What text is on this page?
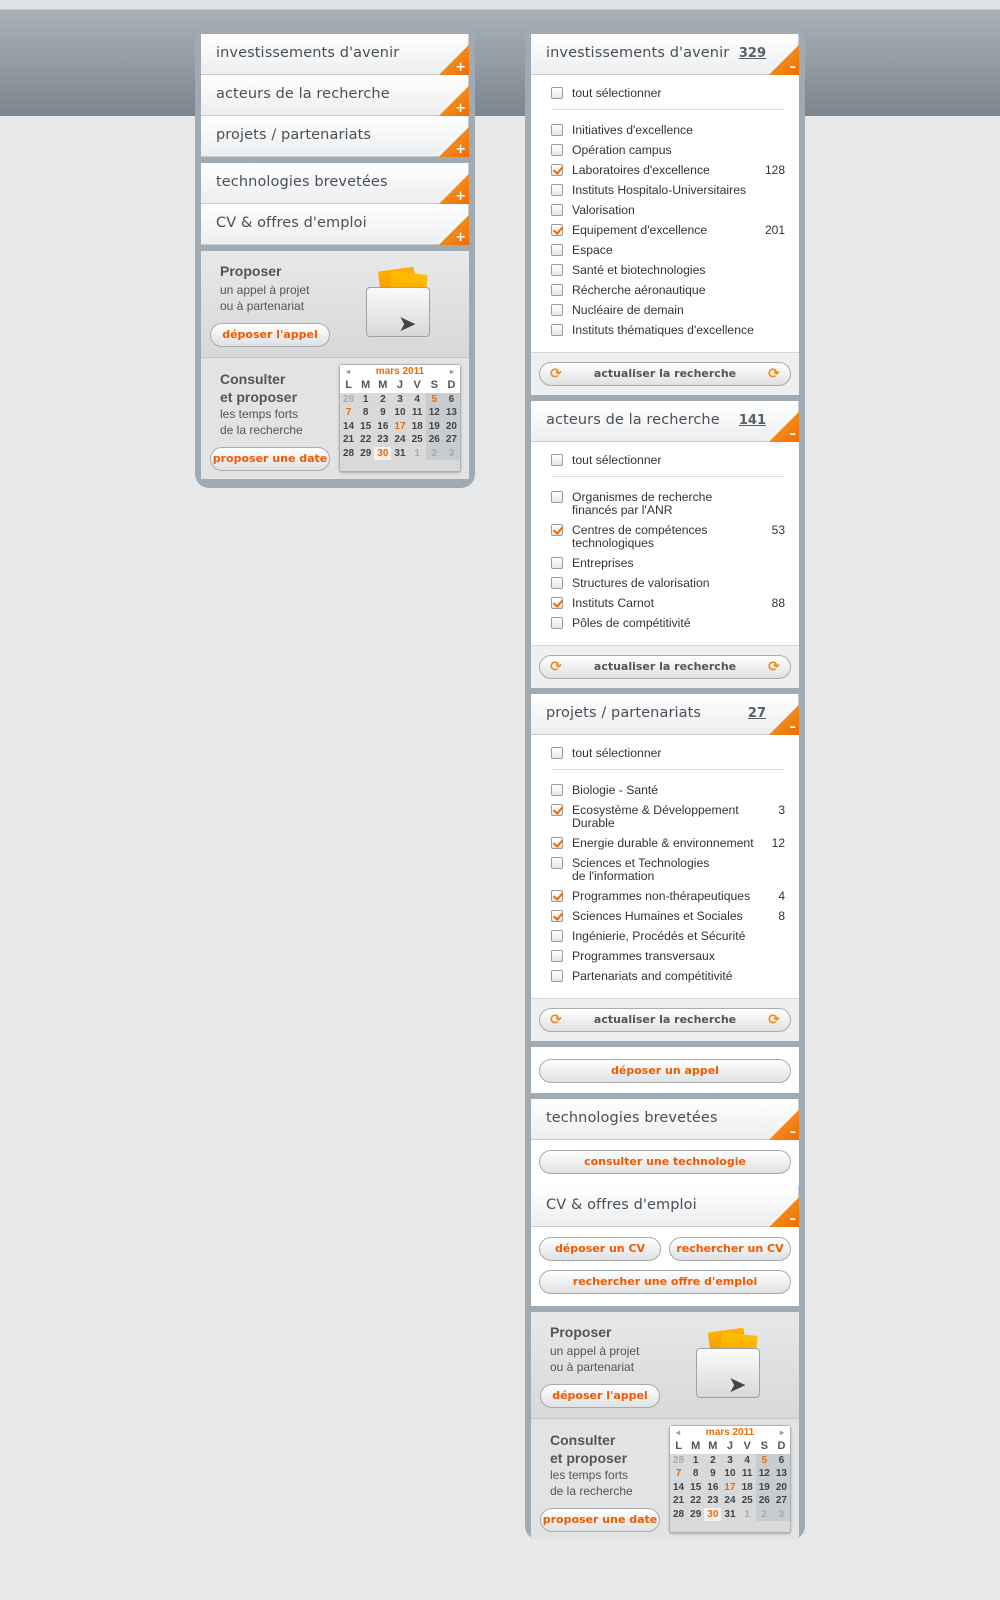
investissements d'avenir
+
acteurs de la recherche
+
projets / partenariats
+
technologies brevetées
+
CV & offres d'emploi
+
Proposer
un appel à projet
ou à partenariat
déposer l'appel	➤
Consulter
et proposer
les temps forts
de la recherche
proposer une date
◂	mars 2011	▸
L	M	M	J	V	S	D
28	1	2	3	4	5	6
7	8	9	10	11	12	13
14	15	16	17	18	19	20
21	22	23	24	25	26	27
28	29	30	31	1	2	3
investissements d'avenir 329
–
tout sélectionner
Initiatives d'excellence
Opération campus
Laboratoires d'excellence	128
Instituts Hospitalo-Universitaires
Valorisation
Equipement d'excellence	201
Espace
Santé et biotechnologies
Récherche aéronautique
Nucléaire de demain
Instituts thématiques d'excellence
⟳	actualiser la recherche ⟳
acteurs de la recherche 141
–
tout sélectionner
Organismes de recherche
financés par l'ANR
Centres de compétences
technologiques
53
Entreprises
Structures de valorisation
Instituts Carnot	88
Pôles de compétitivité
⟳	actualiser la recherche ⟳
projets / partenariats	27
–
tout sélectionner
Biologie - Santé
Ecosystème & Développement
Durable
3
Energie durable & environnement 12
Sciences et Technologies
de l'information
Programmes non-thérapeutiques 4
Sciences Humaines et Sociales	8
Ingénierie, Procédés et Sécurité
Programmes transversaux
Partenariats and compétitivité
⟳	actualiser la recherche ⟳
déposer un appel
technologies brevetées
–
consulter une technologie
CV & offres d'emploi
–
déposer un CV	rechercher un CV
rechercher une offre d'emploi
Proposer
un appel à projet
ou à partenariat
déposer l'appel	➤
Consulter
et proposer
les temps forts
de la recherche
proposer une date
◂	mars 2011	▸
L	M	M	J	V	S	D
28	1	2	3	4	5	6
7	8	9	10	11	12	13
14	15	16	17	18	19	20
21	22	23	24	25	26	27
28	29	30	31	1	2	3
